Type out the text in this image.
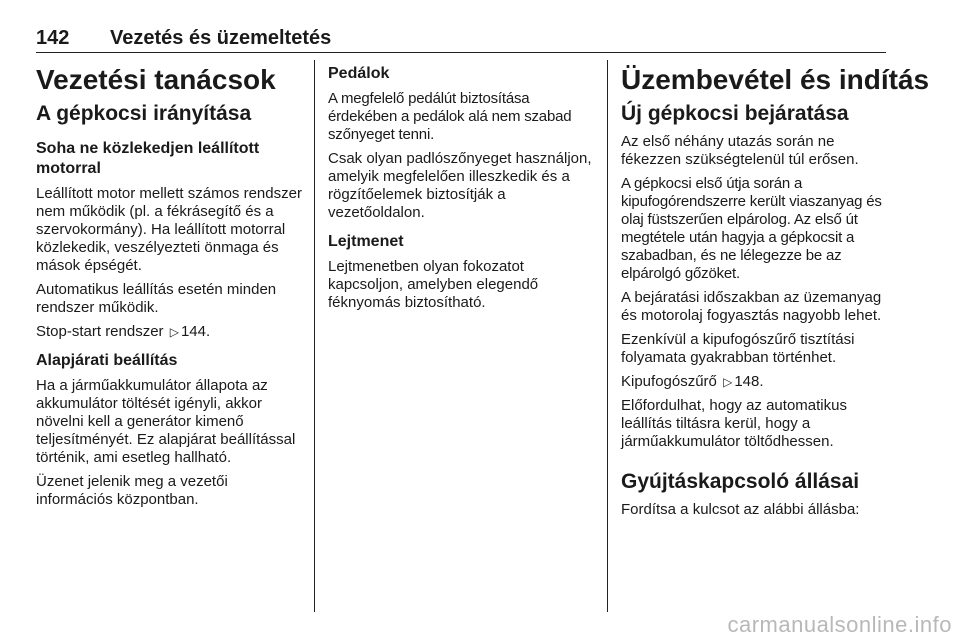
142	Vezetés és üzemeltetés
Vezetési tanácsok
A gépkocsi irányítása
Soha ne közlekedjen leállított motorral

Leállított motor mellett számos rendszer nem működik (pl. a fékrásegítő és a szervokormány). Ha leállított motorral közlekedik, veszélyezteti önmaga és mások épségét.

Automatikus leállítás esetén minden rendszer működik.

Stop-start rendszer ▷ 144.

Alapjárati beállítás

Ha a járműakkumulátor állapota az akkumulátor töltését igényli, akkor növelni kell a generátor kimenő teljesítményét. Ez alapjárat beállítással történik, ami esetleg hallható.

Üzenet jelenik meg a vezetői információs központban.

Pedálok

A megfelelő pedálút biztosítása érdekében a pedálok alá nem szabad szőnyeget tenni.

Csak olyan padlószőnyeget használjon, amelyik megfelelően illeszkedik és a rögzítőelemek biztosítják a vezetőoldalon.

Lejtmenet

Lejtmenetben olyan fokozatot kapcsoljon, amelyben elegendő féknyomás biztosítható.

Üzembevétel és indítás
Új gépkocsi bejáratása

Az első néhány utazás során ne fékezzen szükségtelenül túl erősen.

A gépkocsi első útja során a kipufogórendszerre került viaszanyag és olaj füstszerűen elpárolog. Az első út megtétele után hagyja a gépkocsit a szabadban, és ne lélegezze be az elpárolgó gőzöket.

A bejáratási időszakban az üzemanyag és motorolaj fogyasztás nagyobb lehet.

Ezenkívül a kipufogószűrő tisztítási folyamata gyakrabban történhet.

Kipufogószűrő ▷ 148.

Előfordulhat, hogy az automatikus leállítás tiltásra kerül, hogy a járműakkumulátor töltődhessen.

Gyújtáskapcsoló állásai

Fordítsa a kulcsot az alábbi állásba:

carmanualsonline.info
